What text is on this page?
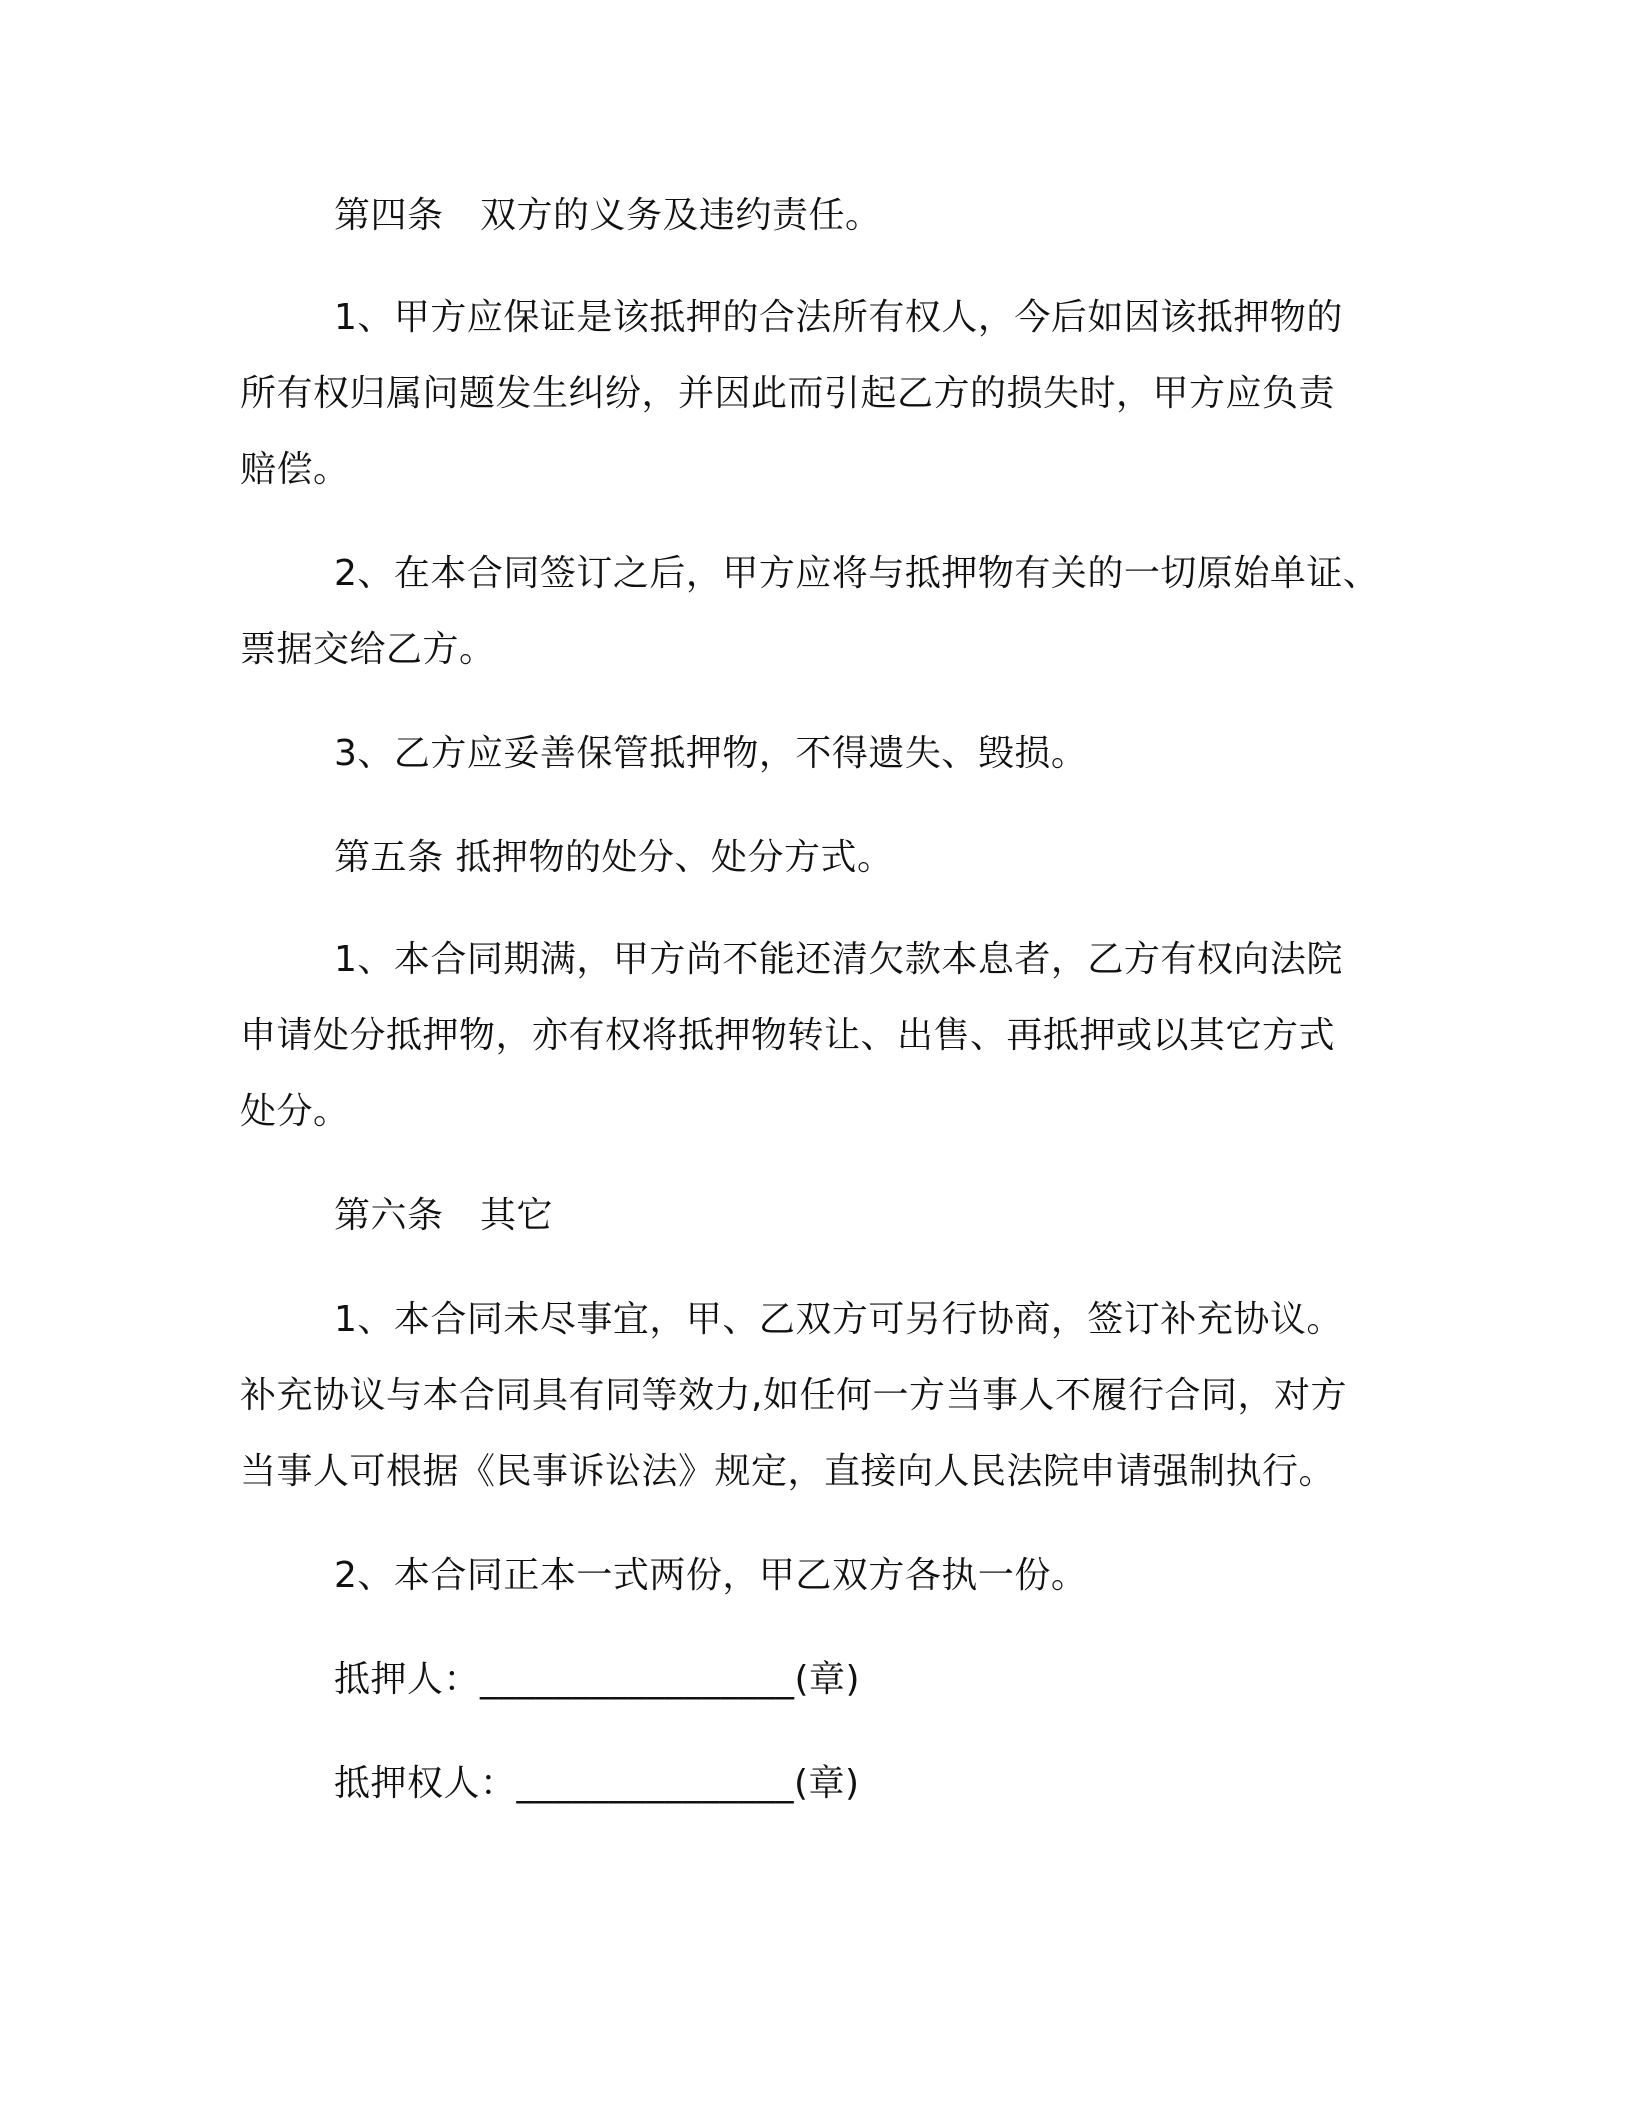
第四条　双方的义务及违约责任。

1、甲方应保证是该抵押的合法所有权人，今后如因该抵押物的

所有权归属问题发生纠纷，并因此而引起乙方的损失时，甲方应负责

赔偿。

2、在本合同签订之后，甲方应将与抵押物有关的一切原始单证、

票据交给乙方。

3、乙方应妥善保管抵押物，不得遗失、毁损。

第五条 抵押物的处分、处分方式。

1、本合同期满，甲方尚不能还清欠款本息者，乙方有权向法院

申请处分抵押物，亦有权将抵押物转让、出售、再抵押或以其它方式

处分。

第六条　其它

1、本合同未尽事宜，甲、乙双方可另行协商，签订补充协议。

补充协议与本合同具有同等效力,如任何一方当事人不履行合同，对方

当事人可根据《民事诉讼法》规定，直接向人民法院申请强制执行。

2、本合同正本一式两份，甲乙双方各执一份。

抵押人：_________________(章)

抵押权人：_______________(章)
